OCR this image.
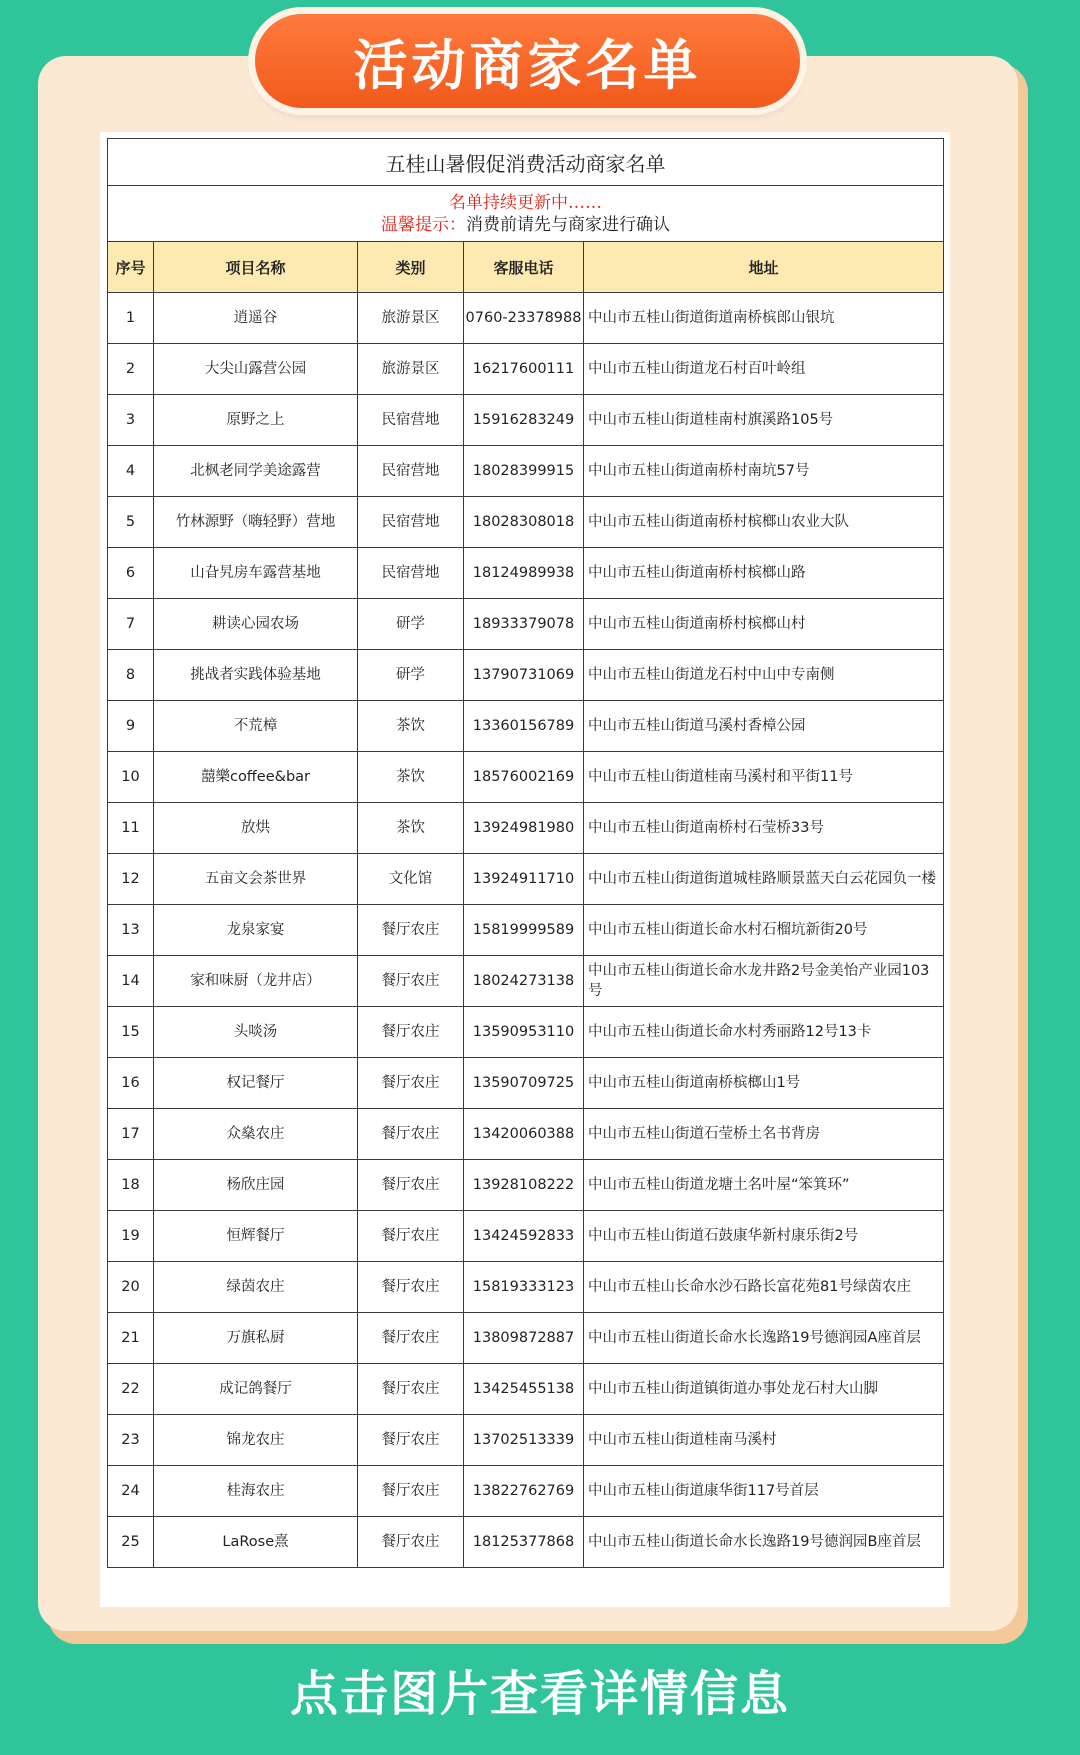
活动商家名单
五桂山暑假促消费活动商家名单				

名单持续更新中……
温馨提示：消费前请先与商家进行确认				

序号	项目名称	类别	客服电话	地址
1	逍遥谷	旅游景区	0760-23378988	中山市五桂山街道街道南桥槟郎山银坑
2	大尖山露营公园	旅游景区	16217600111	中山市五桂山街道龙石村百叶岭组
3	原野之上	民宿营地	15916283249	中山市五桂山街道桂南村旗溪路105号
4	北枫老同学美途露营	民宿营地	18028399915	中山市五桂山街道南桥村南坑57号
5	竹林源野（嗨轻野）营地	民宿营地	18028308018	中山市五桂山街道南桥村槟榔山农业大队
6	山旮旯房车露营基地	民宿营地	18124989938	中山市五桂山街道南桥村槟榔山路
7	耕读心园农场	研学	18933379078	中山市五桂山街道南桥村槟榔山村
8	挑战者实践体验基地	研学	13790731069	中山市五桂山街道龙石村中山中专南侧
9	不荒樟	茶饮	13360156789	中山市五桂山街道马溪村香樟公园
10	囍樂coffee&bar	茶饮	18576002169	中山市五桂山街道桂南马溪村和平街11号
11	放烘	茶饮	13924981980	中山市五桂山街道南桥村石莹桥33号
12	五亩文会茶世界	文化馆	13924911710	中山市五桂山街道街道城桂路顺景蓝天白云花园负一楼
13	龙泉家宴	餐厅农庄	15819999589	中山市五桂山街道长命水村石榴坑新街20号
14	家和味厨（龙井店）	餐厅农庄	18024273138	中山市五桂山街道长命水龙井路2号金美怡产业园103号
15	头啖汤	餐厅农庄	13590953110	中山市五桂山街道长命水村秀丽路12号13卡
16	权记餐厅	餐厅农庄	13590709725	中山市五桂山街道南桥槟榔山1号
17	众燊农庄	餐厅农庄	13420060388	中山市五桂山街道石莹桥土名书背房
18	杨欣庄园	餐厅农庄	13928108222	中山市五桂山街道龙塘土名叶屋“笨箕环”
19	恒辉餐厅	餐厅农庄	13424592833	中山市五桂山街道石鼓康华新村康乐街2号
20	绿茵农庄	餐厅农庄	15819333123	中山市五桂山长命水沙石路长富花苑81号绿茵农庄
21	万旗私厨	餐厅农庄	13809872887	中山市五桂山街道长命水长逸路19号德润园A座首层
22	成记鸽餐厅	餐厅农庄	13425455138	中山市五桂山街道镇街道办事处龙石村大山脚
23	锦龙农庄	餐厅农庄	13702513339	中山市五桂山街道桂南马溪村
24	桂海农庄	餐厅农庄	13822762769	中山市五桂山街道康华街117号首层
25	LaRose熹	餐厅农庄	18125377868	中山市五桂山街道长命水长逸路19号德润园B座首层
点击图片查看详情信息
